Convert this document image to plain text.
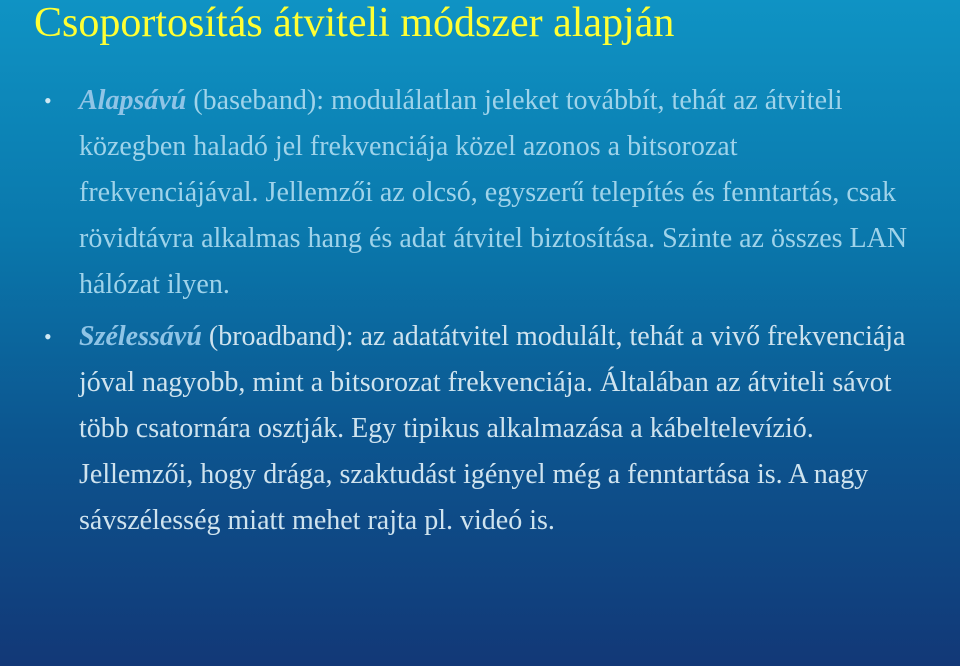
Csoportosítás átviteli módszer alapján
• Alapsávú (baseband): modulálatlan jeleket továbbít, tehát az átviteli közegben haladó jel frekvenciája közel azonos a bitsorozat frekvenciájával. Jellemzői az olcsó, egyszerű telepítés és fenntartás, csak rövidtávra alkalmas hang és adat átvitel biztosítása. Szinte az összes LAN hálózat ilyen.
• Szélessávú (broadband): az adatátvitel modulált, tehát a vivő frekvenciája jóval nagyobb, mint a bitsorozat frekvenciája. Általában az átviteli sávot több csatornára osztják. Egy tipikus alkalmazása a kábeltelevízió. Jellemzői, hogy drága, szaktudást igényel még a fenntartása is. A nagy sávszélesség miatt mehet rajta pl. videó is.
